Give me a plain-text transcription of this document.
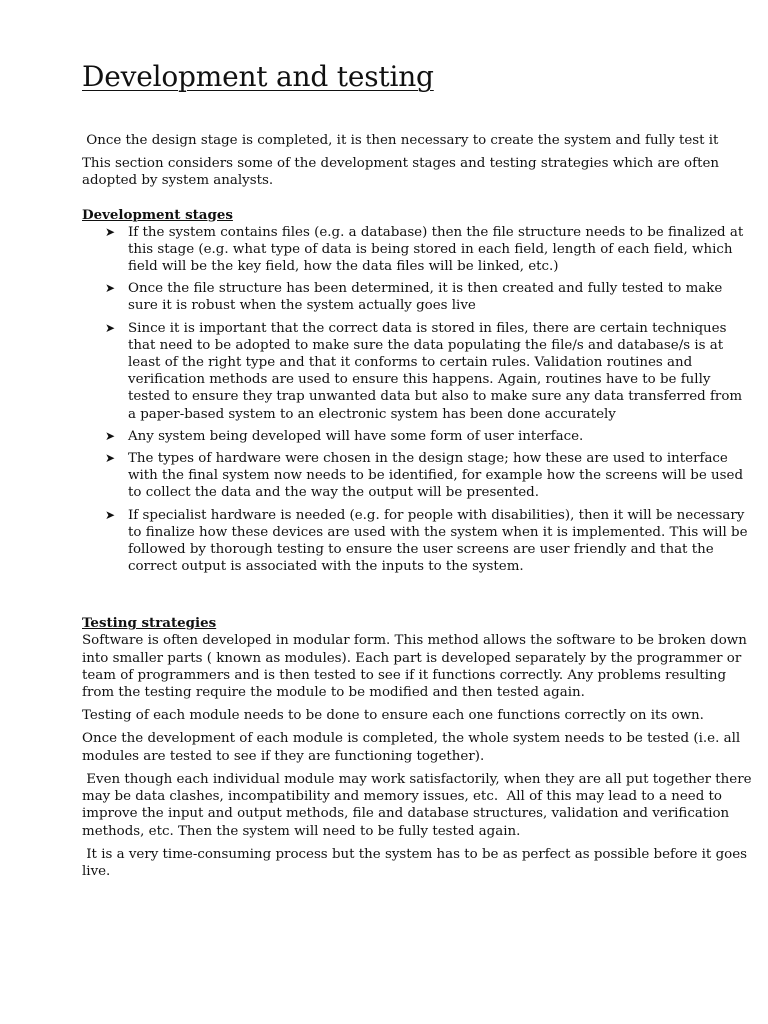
Development and testing

Once the design stage is completed, it is then necessary to create the system and fully test it

This section considers some of the development stages and testing strategies which are often adopted by system analysts.

Development stages
➤ If the system contains files (e.g. a database) then the file structure needs to be finalized at this stage (e.g. what type of data is being stored in each field, length of each field, which field will be the key field, how the data files will be linked, etc.)
➤ Once the file structure has been determined, it is then created and fully tested to make sure it is robust when the system actually goes live
➤ Since it is important that the correct data is stored in files, there are certain techniques that need to be adopted to make sure the data populating the file/s and database/s is at least of the right type and that it conforms to certain rules. Validation routines and verification methods are used to ensure this happens. Again, routines have to be fully tested to ensure they trap unwanted data but also to make sure any data transferred from a paper-based system to an electronic system has been done accurately
➤ Any system being developed will have some form of user interface.
➤ The types of hardware were chosen in the design stage; how these are used to interface with the final system now needs to be identified, for example how the screens will be used to collect the data and the way the output will be presented.
➤ If specialist hardware is needed (e.g. for people with disabilities), then it will be necessary to finalize how these devices are used with the system when it is implemented. This will be followed by thorough testing to ensure the user screens are user friendly and that the correct output is associated with the inputs to the system.
Testing strategies

Software is often developed in modular form. This method allows the software to be broken down into smaller parts ( known as modules). Each part is developed separately by the programmer or team of programmers and is then tested to see if it functions correctly. Any problems resulting from the testing require the module to be modified and then tested again.

Testing of each module needs to be done to ensure each one functions correctly on its own.

Once the development of each module is completed, the whole system needs to be tested (i.e. all modules are tested to see if they are functioning together).

Even though each individual module may work satisfactorily, when they are all put together there may be data clashes, incompatibility and memory issues, etc.  All of this may lead to a need to improve the input and output methods, file and database structures, validation and verification methods, etc. Then the system will need to be fully tested again.

It is a very time-consuming process but the system has to be as perfect as possible before it goes live.
